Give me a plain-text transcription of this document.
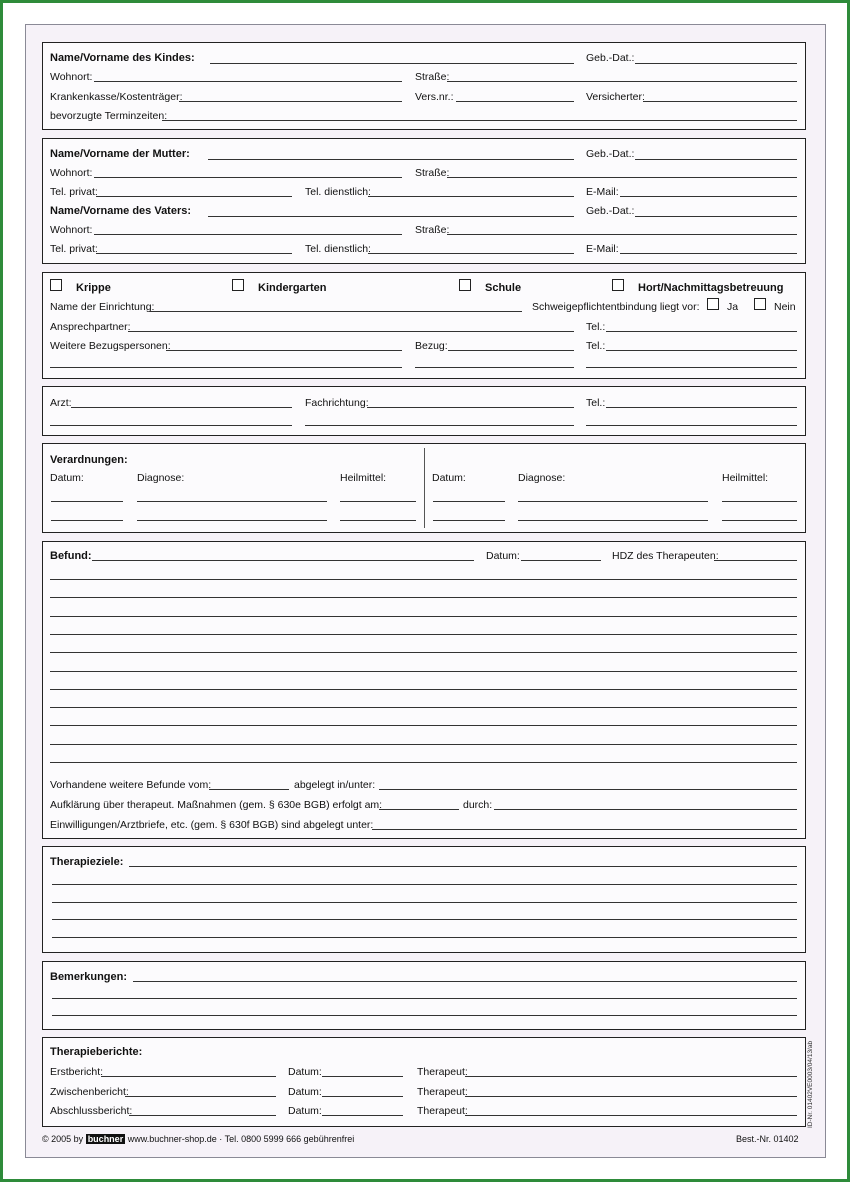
Name/Vorname des Kindes:	Geb.-Dat.:
Wohnort:	Straße:
Krankenkasse/Kostenträger:	Vers.nr.:	Versicherter:
bevorzugte Terminzeiten:
Name/Vorname der Mutter:	Geb.-Dat.:
Wohnort:	Straße:
Tel. privat:	Tel. dienstlich:	E-Mail:
Name/Vorname des Vaters:	Geb.-Dat.:
Wohnort:	Straße:
Tel. privat:	Tel. dienstlich:	E-Mail:
Krippe	Kindergarten	Schule	Hort/Nachmittagsbetreuung
Name der Einrichtung:	Schweigepflichtentbindung liegt vor:	Ja	Nein
Ansprechpartner:	Tel.:
Weitere Bezugspersonen:	Bezug:	Tel.:
Arzt:	Fachrichtung:	Tel.:
Verardnungen:
Datum:	Diagnose:	Heilmittel:	Datum:	Diagnose:	Heilmittel:
Befund:	Datum:	HDZ des Therapeuten:
Vorhandene weitere Befunde vom:	abgelegt in/unter:
Aufklärung über therapeut. Maßnahmen (gem. § 630e BGB) erfolgt am:	durch:
Einwilligungen/Arztbriefe, etc. (gem. § 630f BGB) sind abgelegt unter:
Therapieziele:
Bemerkungen:
Therapieberichte:
Erstbericht:	Datum:	Therapeut:
Zwischenbericht:	Datum:	Therapeut:
Abschlussbericht:	Datum:	Therapeut:
© 2005 by buchner www.buchner-shop.de · Tel. 0800 5999 666 gebührenfrei	Best.-Nr. 01402
ID-Nr. 01402VE0003/04/13/ab
